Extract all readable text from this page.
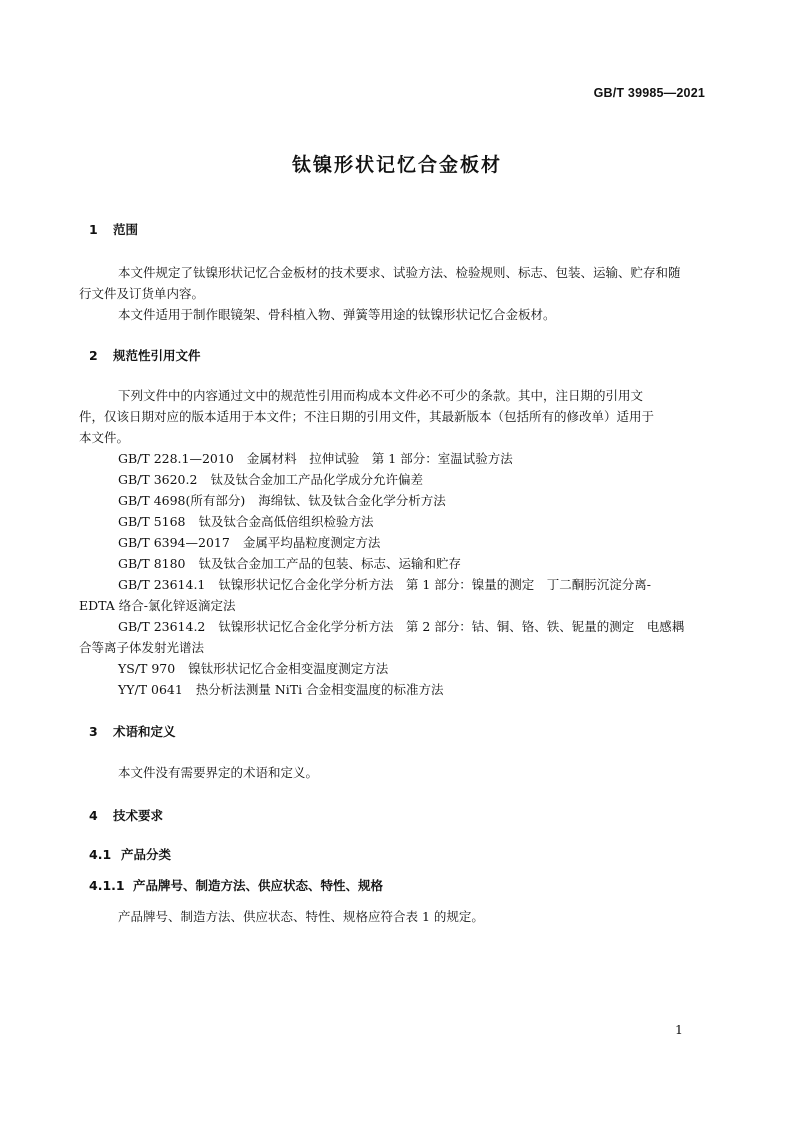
GB/T 39985—2021
钛镍形状记忆合金板材
1 范围
本文件规定了钛镍形状记忆合金板材的技术要求、试验方法、检验规则、标志、包装、运输、贮存和随
行文件及订货单内容。
本文件适用于制作眼镜架、骨科植入物、弹簧等用途的钛镍形状记忆合金板材。
2 规范性引用文件
下列文件中的内容通过文中的规范性引用而构成本文件必不可少的条款。其中，注日期的引用文
件，仅该日期对应的版本适用于本文件；不注日期的引用文件，其最新版本（包括所有的修改单）适用于
本文件。
GB/T 228.1—2010 金属材料　拉伸试验　第 1 部分：室温试验方法
GB/T 3620.2 钛及钛合金加工产品化学成分允许偏差
GB/T 4698(所有部分) 海绵钛、钛及钛合金化学分析方法
GB/T 5168 钛及钛合金高低倍组织检验方法
GB/T 6394—2017 金属平均晶粒度测定方法
GB/T 8180 钛及钛合金加工产品的包装、标志、运输和贮存
GB/T 23614.1 钛镍形状记忆合金化学分析方法　第 1 部分：镍量的测定　丁二酮肟沉淀分离-
EDTA 络合-氯化锌返滴定法
GB/T 23614.2 钛镍形状记忆合金化学分析方法　第 2 部分：钴、铜、铬、铁、铌量的测定　电感耦
合等离子体发射光谱法
YS/T 970 镍钛形状记忆合金相变温度测定方法
YY/T 0641 热分析法测量 NiTi 合金相变温度的标准方法
3 术语和定义
本文件没有需要界定的术语和定义。
4 技术要求
4.1 产品分类
4.1.1 产品牌号、制造方法、供应状态、特性、规格
产品牌号、制造方法、供应状态、特性、规格应符合表 1 的规定。
1
